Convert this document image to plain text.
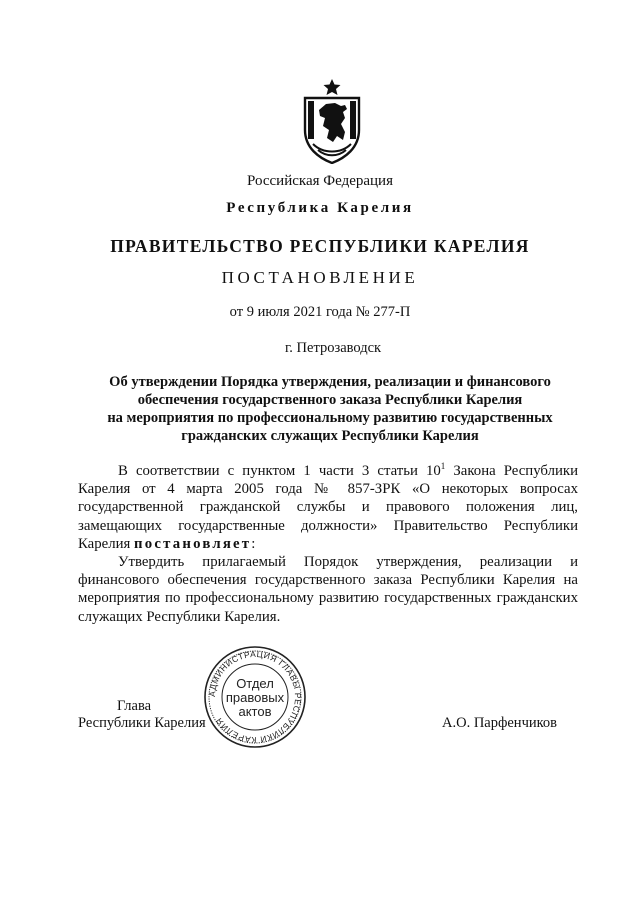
Российская Федерация
Республика Карелия
ПРАВИТЕЛЬСТВО РЕСПУБЛИКИ КАРЕЛИЯ
ПОСТАНОВЛЕНИЕ
от 9 июля 2021 года № 277-П
г. Петрозаводск
Об утверждении Порядка утверждения, реализации и финансового
обеспечения государственного заказа Республики Карелия
на мероприятия по профессиональному развитию государственных
гражданских служащих Республики Карелия
В соответствии с пунктом 1 части 3 статьи $10^1$ Закона Республики Карелия от 4 марта 2005 года № 857-ЗРК «О некоторых вопросах государственной гражданской службы и правового положения лиц, замещающих государственные должности» Правительство Республики Карелия постановляет:
Утвердить прилагаемый Порядок утверждения, реализации и финансового обеспечения государственного заказа Республики Карелия на мероприятия по профессиональному развитию государственных гражданских служащих Республики Карелия.
Глава
Республики Карелия	А.О. Парфенчиков
АДМИНИСТРАЦИЯ ГЛАВЫ РЕСПУБЛИКИ КАРЕЛИЯ
Отдел
правовых
актов
